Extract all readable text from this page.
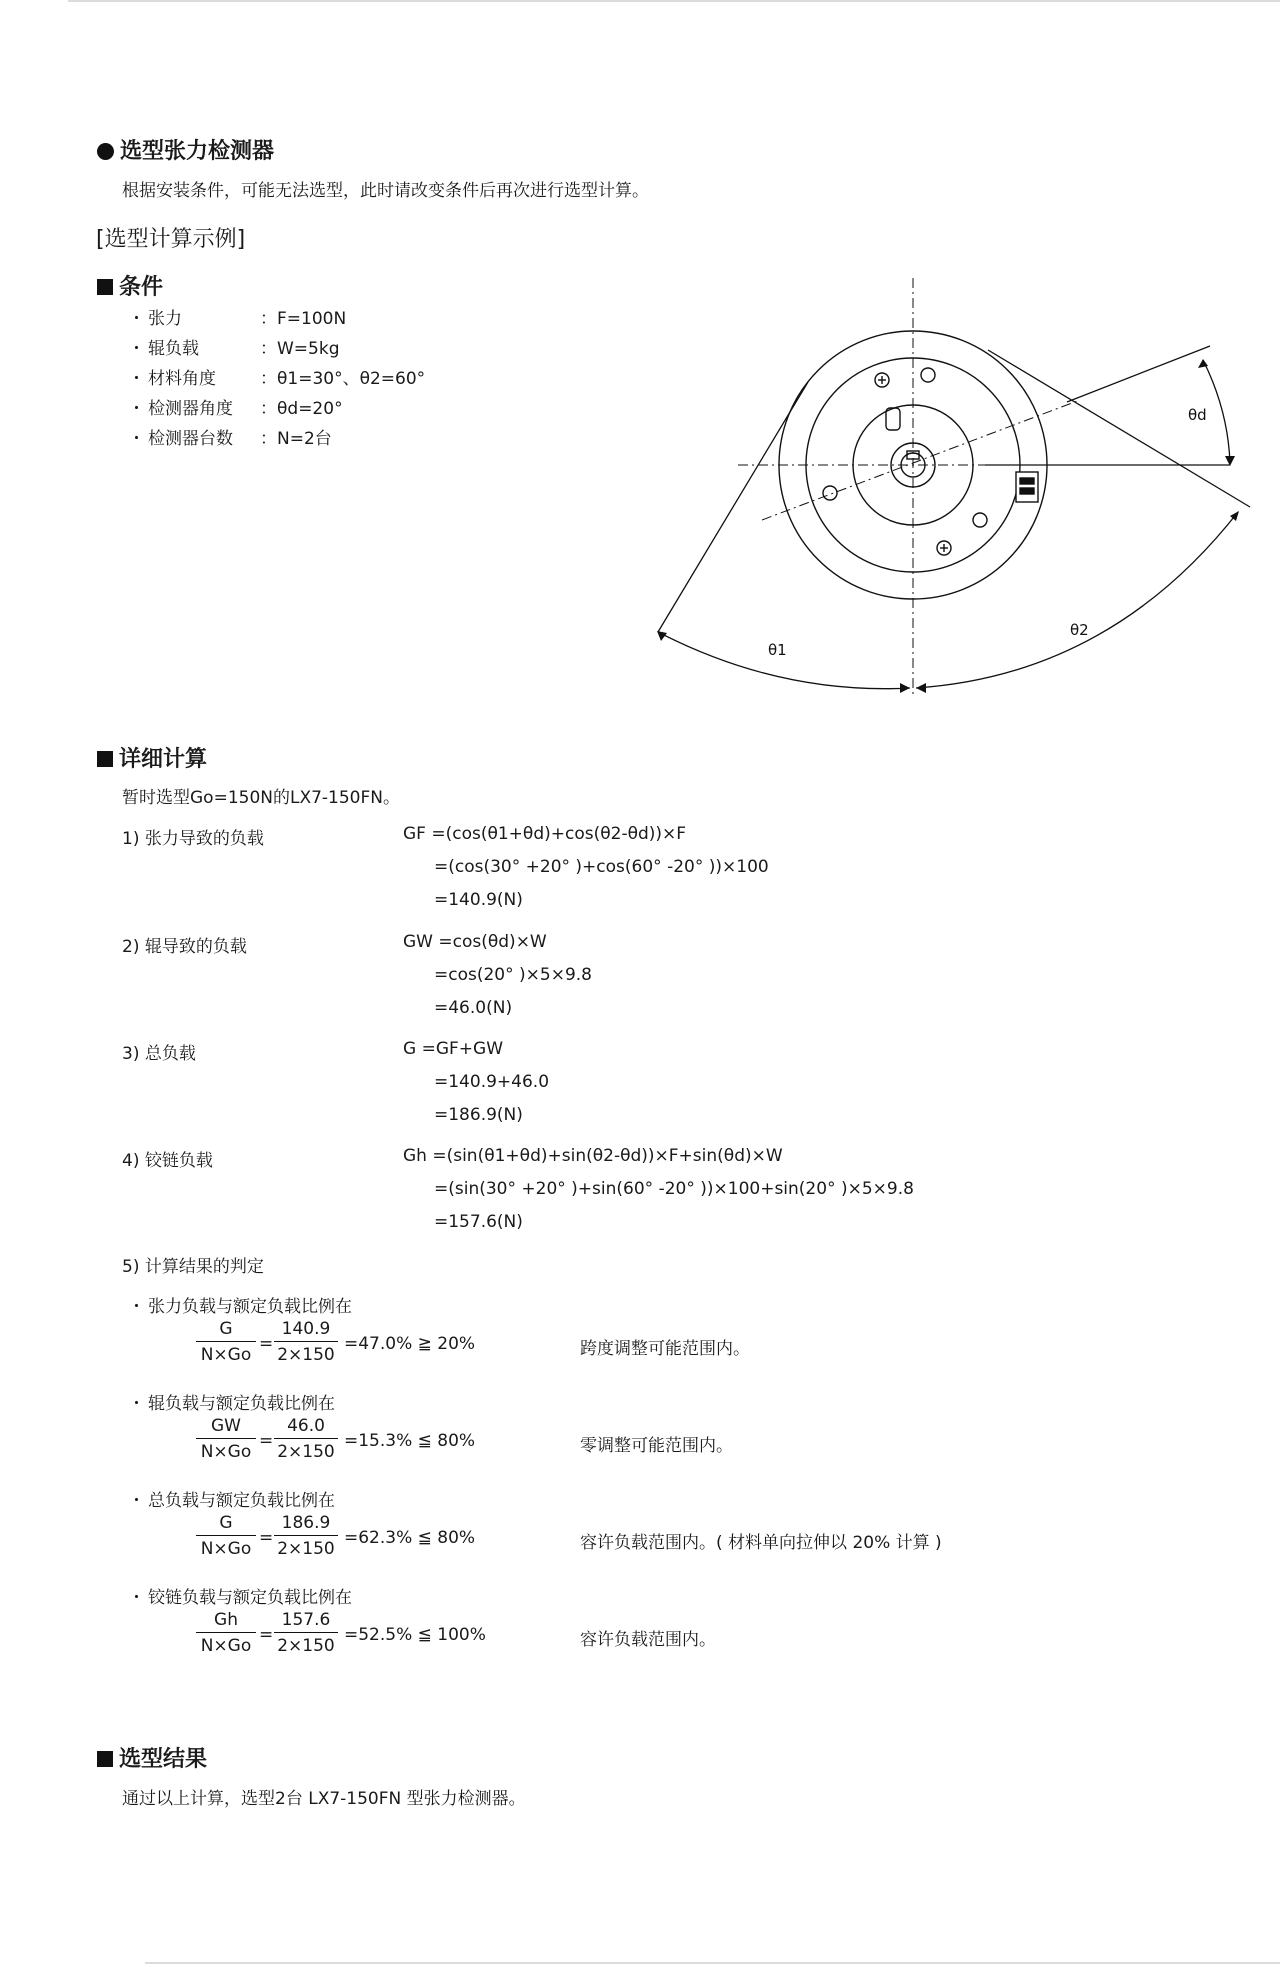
选型张力检测器
根据安装条件，可能无法选型，此时请改变条件后再次进行选型计算。
[选型计算示例]
条件
・ 张力	：F=100N
・ 辊负载	：W=5kg
・ 材料角度	：θ1=30°、θ2=60°
・ 检测器角度 ：θd=20°
・ 检测器台数 ：N=2台
θd
θ1
θ2
详细计算
暂时选型Go=150N的LX7-150FN。
1) 张力导致的负载	GF =(cos(θ1+θd)+cos(θ2-θd))×F
=(cos(30° +20° )+cos(60° -20° ))×100
=140.9(N)
2) 辊导致的负载	GW =cos(θd)×W
=cos(20° )×5×9.8
=46.0(N)
3) 总负载	G =GF+GW
=140.9+46.0
=186.9(N)
4) 铰链负载	Gh =(sin(θ1+θd)+sin(θ2-θd))×F+sin(θd)×W
=(sin(30° +20° )+sin(60° -20° ))×100+sin(20° )×5×9.8
=157.6(N)
5) 计算结果的判定
・ 张力负载与额定负载比例在
$\frac{G}{N\times Go} = \frac{140.9}{2\times 150} =47.0\%$ ≧ 20%	跨度调整可能范围内。
・ 辊负载与额定负载比例在
$\frac{GW}{N\times Go} = \frac{46.0}{2\times 150} =15.3\%$ ≦ 80%	零调整可能范围内。
・ 总负载与额定负载比例在
$\frac{G}{N\times Go} = \frac{186.9}{2\times 150} =62.3\%$ ≦ 80%	容许负载范围内。( 材料单向拉伸以 20% 计算 )
・ 铰链负载与额定负载比例在
$\frac{Gh}{N\times Go} = \frac{157.6}{2\times 150} =52.5\%$ ≦ 100%	容许负载范围内。
选型结果
通过以上计算，选型2台 LX7-150FN 型张力检测器。
